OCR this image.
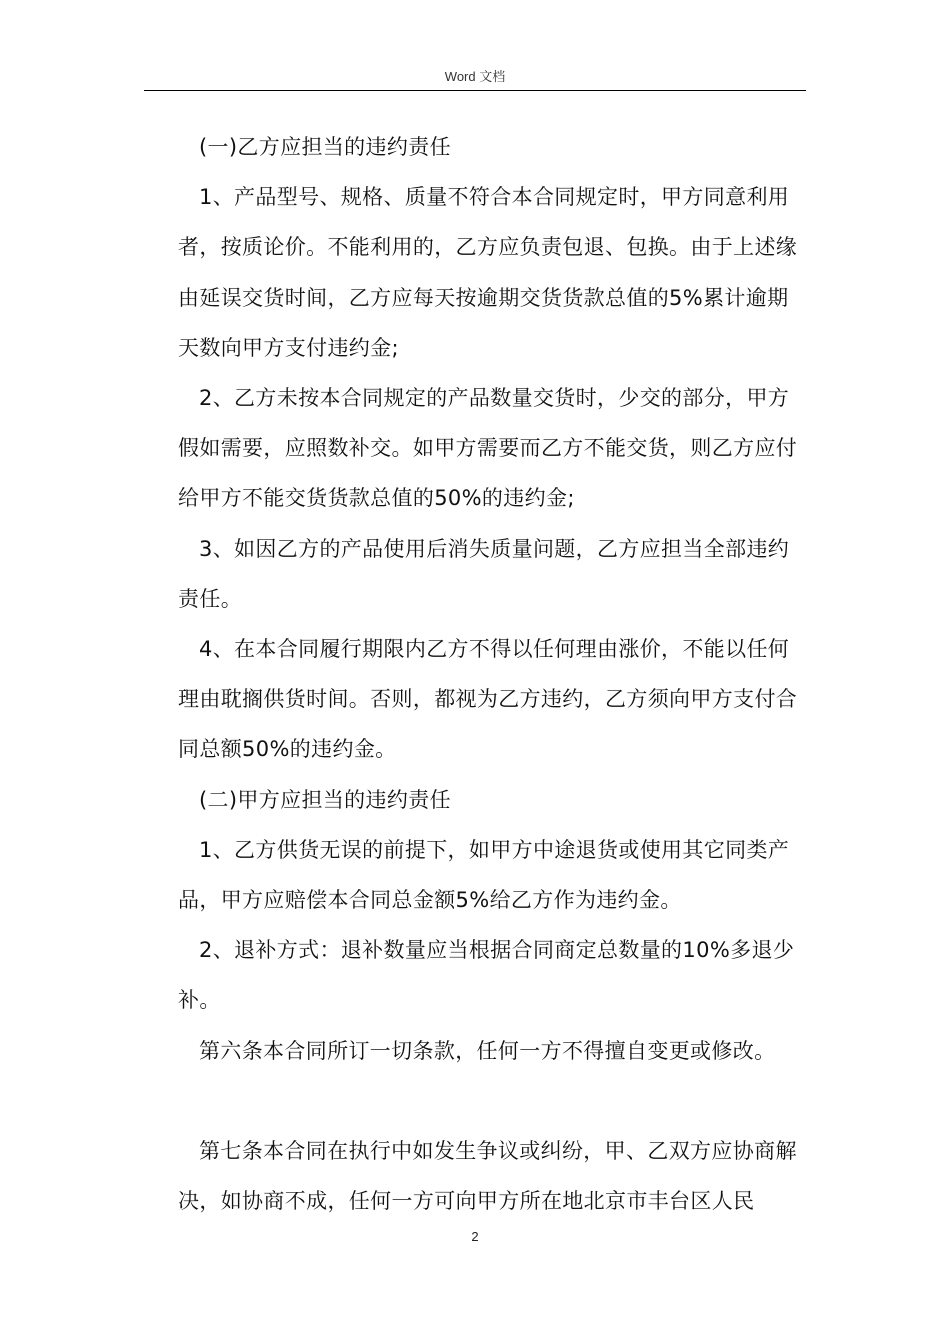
Word 文档

(一)乙方应担当的违约责任

1、产品型号、规格、质量不符合本合同规定时，甲方同意利用者，按质论价。不能利用的，乙方应负责包退、包换。由于上述缘由延误交货时间，乙方应每天按逾期交货货款总值的5%累计逾期天数向甲方支付违约金;

2、乙方未按本合同规定的产品数量交货时，少交的部分，甲方假如需要，应照数补交。如甲方需要而乙方不能交货，则乙方应付给甲方不能交货货款总值的50%的违约金;

3、如因乙方的产品使用后消失质量问题，乙方应担当全部违约责任。

4、在本合同履行期限内乙方不得以任何理由涨价，不能以任何理由耽搁供货时间。否则，都视为乙方违约，乙方须向甲方支付合同总额50%的违约金。

(二)甲方应担当的违约责任

1、乙方供货无误的前提下，如甲方中途退货或使用其它同类产品，甲方应赔偿本合同总金额5%给乙方作为违约金。

2、退补方式：退补数量应当根据合同商定总数量的10%多退少补。

第六条本合同所订一切条款，任何一方不得擅自变更或修改。

第七条本合同在执行中如发生争议或纠纷，甲、乙双方应协商解决，如协商不成，任何一方可向甲方所在地北京市丰台区人民

2
